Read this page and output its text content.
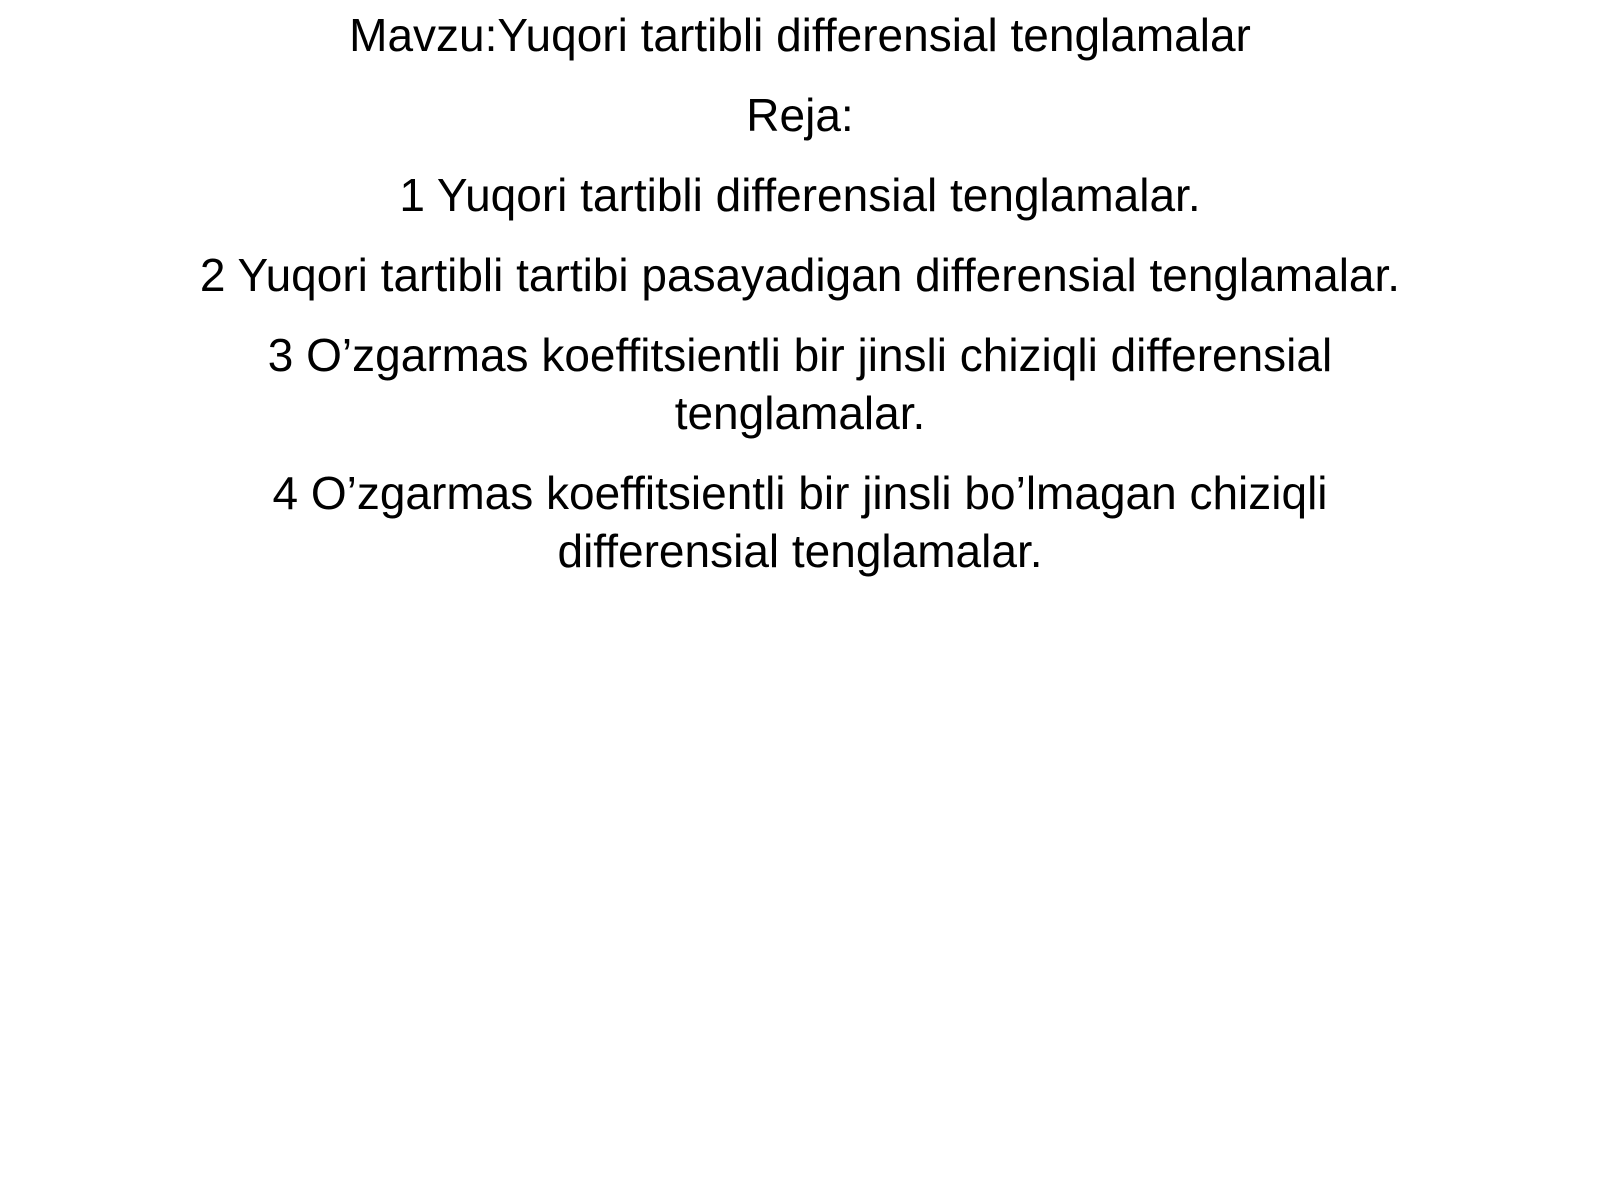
Mavzu:Yuqori tartibli differensial tenglamalar
Reja:
1 Yuqori tartibli differensial tenglamalar.
2 Yuqori tartibli tartibi pasayadigan differensial tenglamalar.
3 O’zgarmas koeffitsientli bir jinsli chiziqli differensial tenglamalar.
4 O’zgarmas koeffitsientli bir jinsli bo’lmagan chiziqli differensial tenglamalar.
